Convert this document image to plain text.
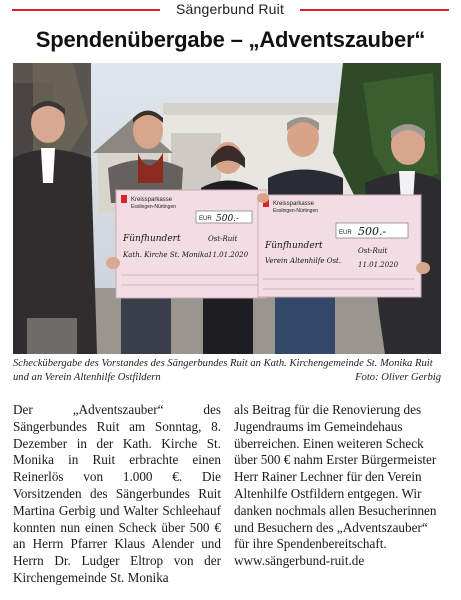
Sängerbund Ruit
Spendenübergabe – „Adventszauber“
Kreissparkasse
Esslingen-Nürtingen
EUR 500.-
Fünfhundert	Ost-Ruit
Kath. Kirche St. Monika 11.01.2020
Kreissparkasse
Esslingen-Nürtingen
EUR 500.-
Fünfhundert	Ost-Ruit
Verein Altenhilfe Ost. 11.01.2020
Scheckübergabe des Vorstandes des Sängerbundes Ruit an Kath. Kirchengemeinde St. Monika Ruit und an Verein Altenhilfe Ostfildern	Foto: Oliver Gerbig

Der „Adventszauber“ des Sängerbundes Ruit am Sonntag, 8. Dezember in der Kath. Kirche St. Monika in Ruit erbrachte einen Reinerlös von 1.000 €. Die Vorsitzenden des Sängerbundes Ruit Martina Gerbig und Walter Schleehauf konnten nun einen Scheck über 500 € an Herrn Pfarrer Klaus Alender und Herrn Dr. Ludger Eltrop von der Kirchengemeinde St. Monika

als Beitrag für die Renovierung des Jugendraums im Gemeindehaus überreichen. Einen weiteren Scheck über 500 € nahm Erster Bürgermeister Herr Rainer Lechner für den Verein Altenhilfe Ostfildern entgegen. Wir danken nochmals allen Besucherinnen und Besuchern des „Adventszauber“ für ihre Spendenbereitschaft.

www.sängerbund-ruit.de
